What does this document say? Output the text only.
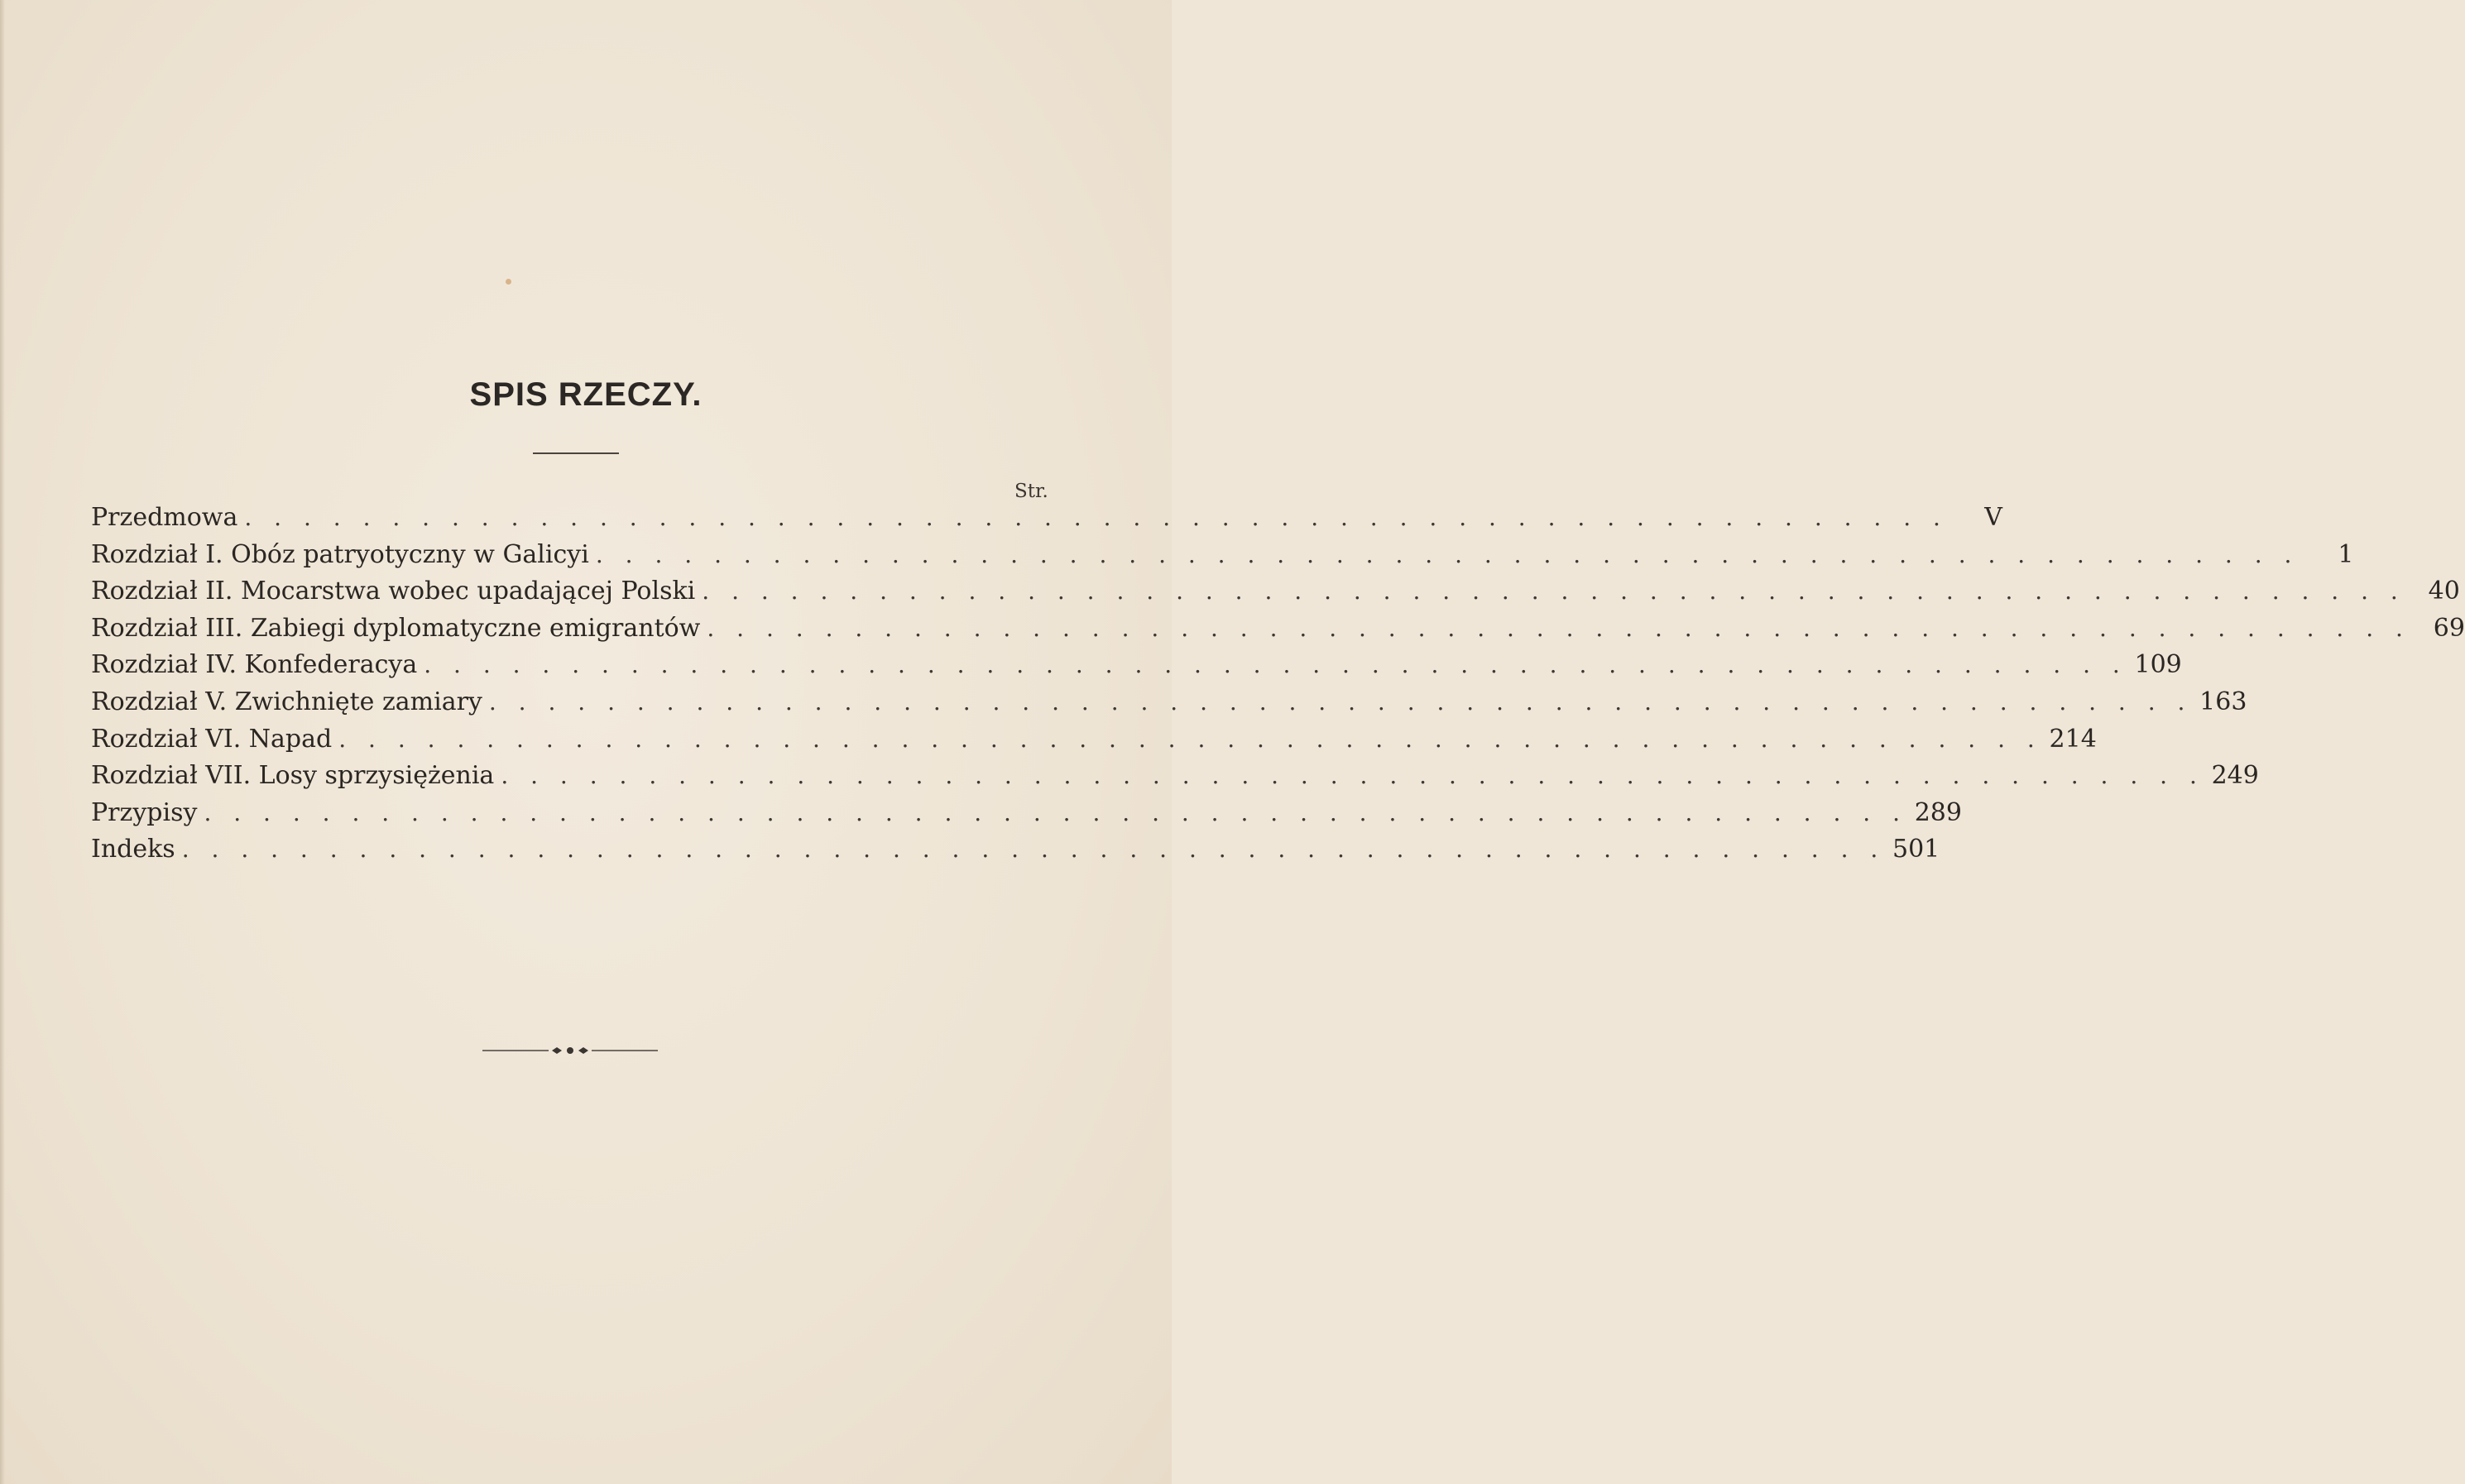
SPIS RZECZY.
Str.
Przedmowa . . . . . . . . . . . . . . . . . . . . . . . . . . . . . . . . . . . . . . . . . . . . . . . . . . . . . . . . . .	V
Rozdział I. Obóz patryotyczny w Galicyi . . . . . . . . . . . . . . . . . . . . . . . . . . . . . . . . . . . . . . . . . . . . . . . . . . . . . . . . . .	1
Rozdział II. Mocarstwa wobec upadającej Polski . . . . . . . . . . . . . . . . . . . . . . . . . . . . . . . . . . . . . . . . . . . . . . . . . . . . . . . . . . 40
Rozdział III. Zabiegi dyplomatyczne emigrantów . . . . . . . . . . . . . . . . . . . . . . . . . . . . . . . . . . . . . . . . . . . . . . . . . . . . . . . . . . 69
Rozdział IV. Konfederacya . . . . . . . . . . . . . . . . . . . . . . . . . . . . . . . . . . . . . . . . . . . . . . . . . . . . . . . . . . 109
Rozdział V. Zwichnięte zamiary . . . . . . . . . . . . . . . . . . . . . . . . . . . . . . . . . . . . . . . . . . . . . . . . . . . . . . . . . . 163
Rozdział VI. Napad . . . . . . . . . . . . . . . . . . . . . . . . . . . . . . . . . . . . . . . . . . . . . . . . . . . . . . . . . . 214
Rozdział VII. Losy sprzysiężenia . . . . . . . . . . . . . . . . . . . . . . . . . . . . . . . . . . . . . . . . . . . . . . . . . . . . . . . . . . 249
Przypisy . . . . . . . . . . . . . . . . . . . . . . . . . . . . . . . . . . . . . . . . . . . . . . . . . . . . . . . . . . 289
Indeks . . . . . . . . . . . . . . . . . . . . . . . . . . . . . . . . . . . . . . . . . . . . . . . . . . . . . . . . . . 501
